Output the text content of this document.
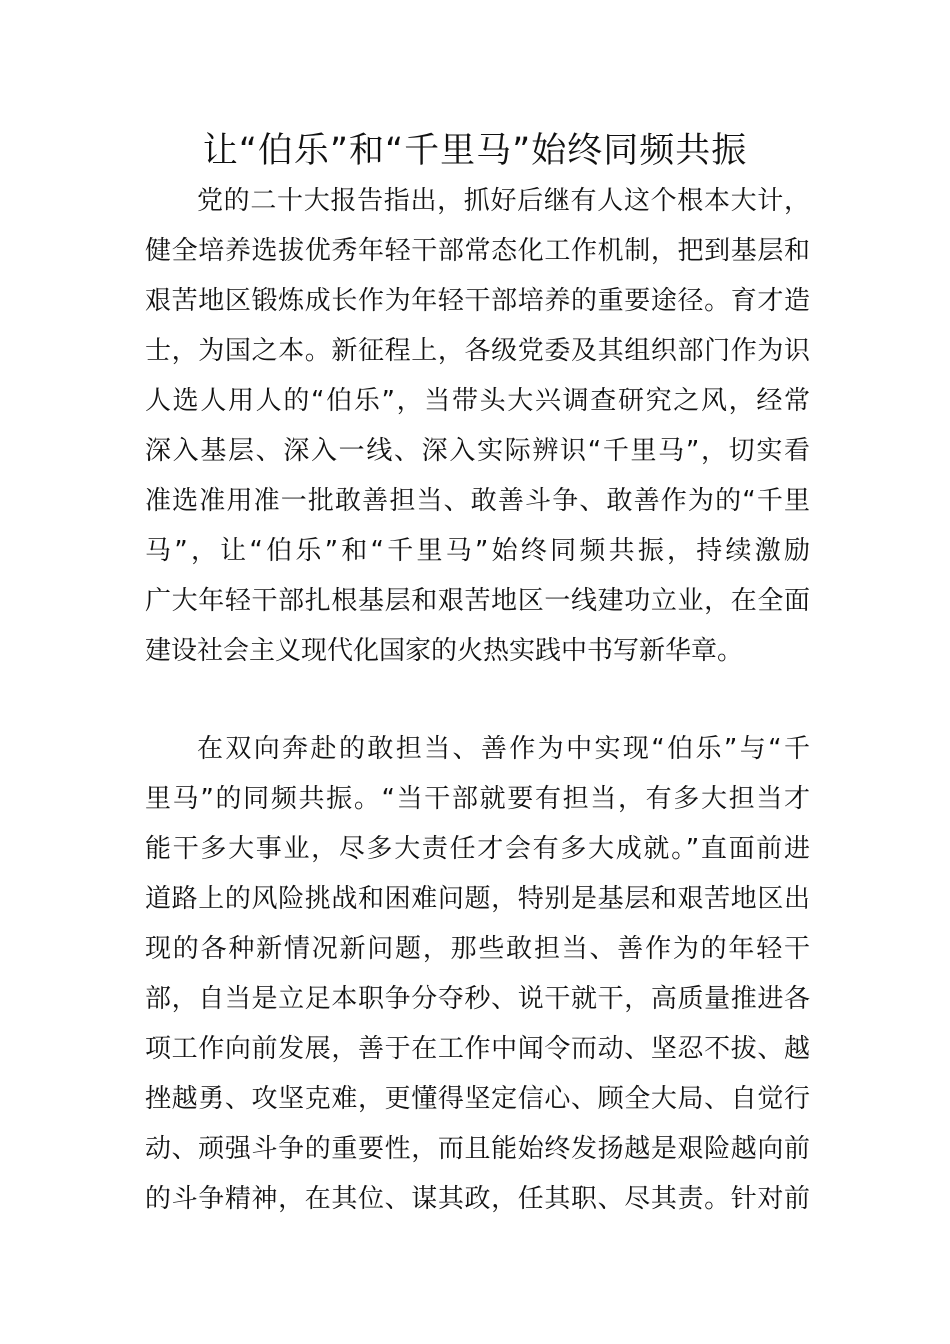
让“伯乐”和“千里马”始终同频共振
党的二十大报告指出，抓好后继有人这个根本大计，
健全培养选拔优秀年轻干部常态化工作机制，把到基层和
艰苦地区锻炼成长作为年轻干部培养的重要途径。育才造
士，为国之本。新征程上，各级党委及其组织部门作为识
人选人用人的“伯乐”，当带头大兴调查研究之风，经常
深入基层、深入一线、深入实际辨识“千里马”，切实看
准选准用准一批敢善担当、敢善斗争、敢善作为的“千里
马”，让“伯乐”和“千里马”始终同频共振，持续激励
广大年轻干部扎根基层和艰苦地区一线建功立业，在全面
建设社会主义现代化国家的火热实践中书写新华章。
在双向奔赴的敢担当、善作为中实现“伯乐”与“千
里马”的同频共振。“当干部就要有担当，有多大担当才
能干多大事业，尽多大责任才会有多大成就。”直面前进
道路上的风险挑战和困难问题，特别是基层和艰苦地区出
现的各种新情况新问题，那些敢担当、善作为的年轻干
部，自当是立足本职争分夺秒、说干就干，高质量推进各
项工作向前发展，善于在工作中闻令而动、坚忍不拔、越
挫越勇、攻坚克难，更懂得坚定信心、顾全大局、自觉行
动、顽强斗争的重要性，而且能始终发扬越是艰险越向前
的斗争精神，在其位、谋其政，任其职、尽其责。针对前
